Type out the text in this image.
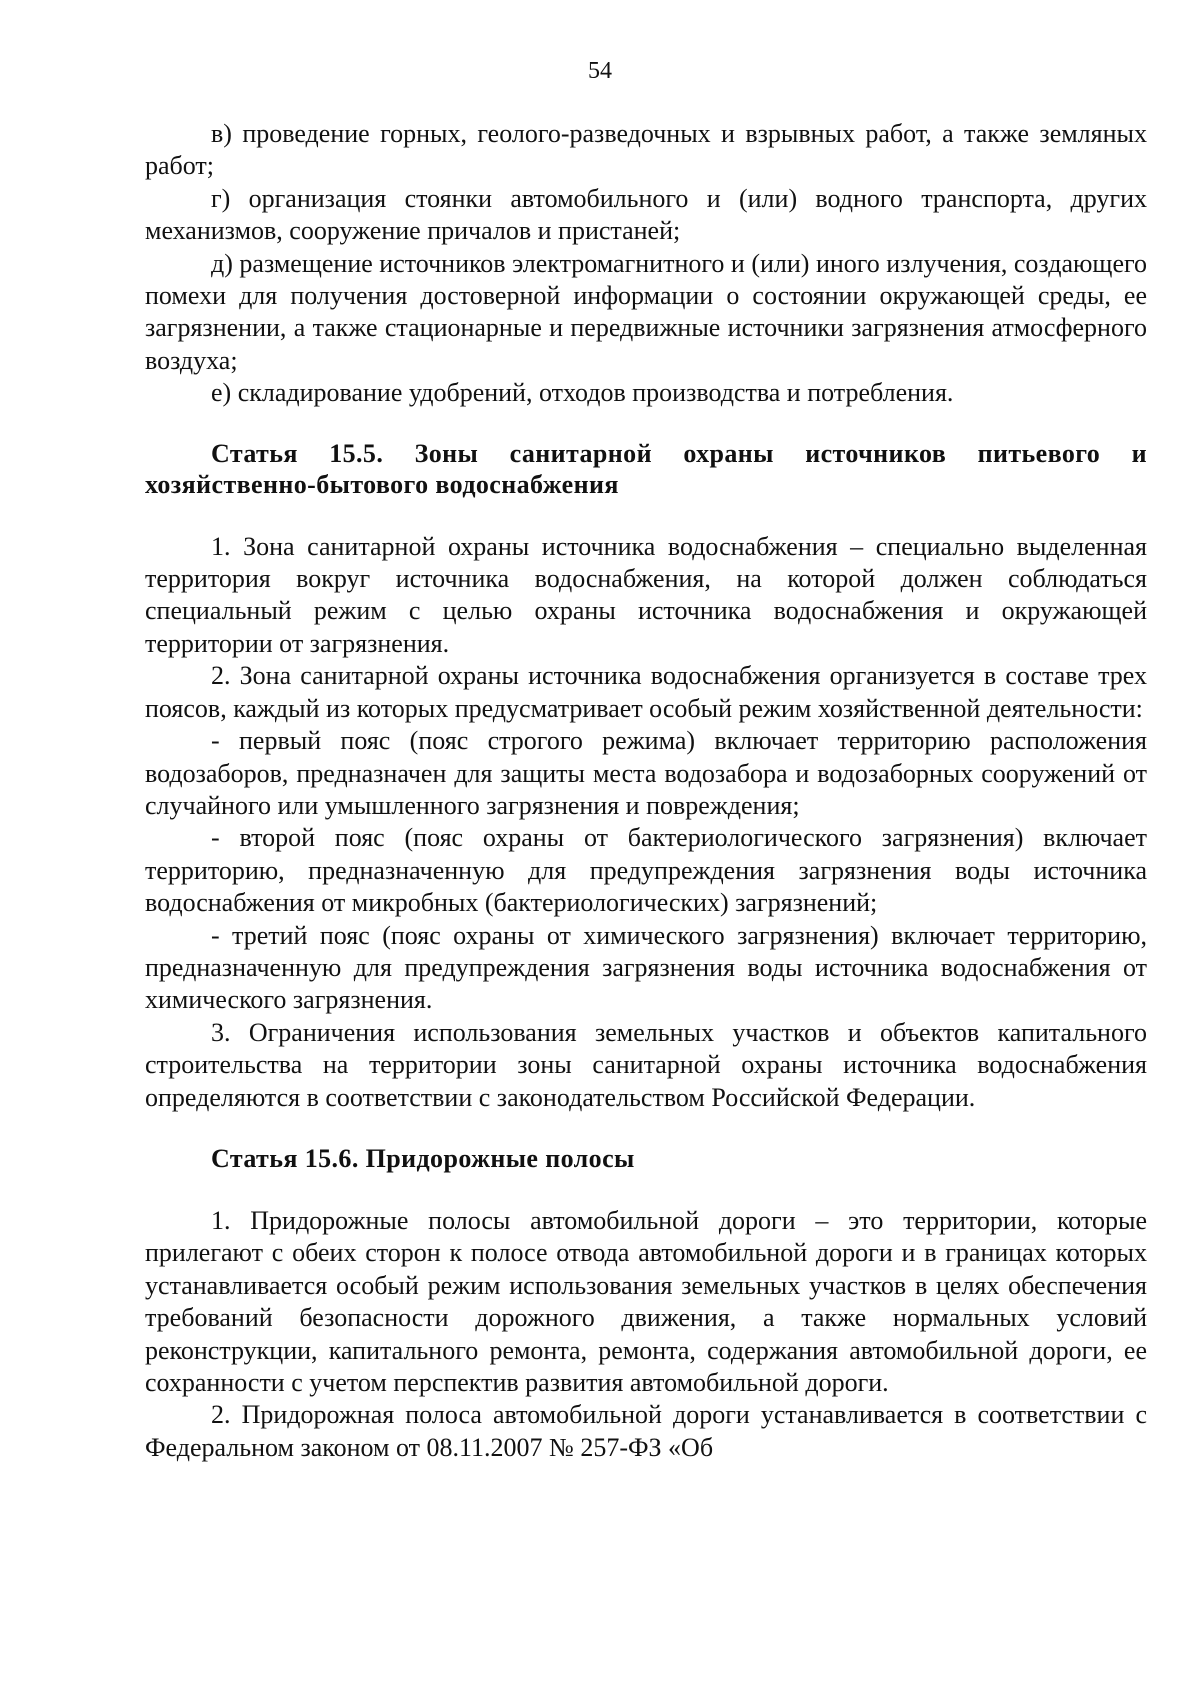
54

в) проведение горных, геолого-разведочных и взрывных работ, а также земляных работ;

г) организация стоянки автомобильного и (или) водного транспорта, других механизмов, сооружение причалов и пристаней;

д) размещение источников электромагнитного и (или) иного излучения, создающего помехи для получения достоверной информации о состоянии окружающей среды, ее загрязнении, а также стационарные и передвижные источники загрязнения атмосферного воздуха;

е) складирование удобрений, отходов производства и потребления.

Статья 15.5. Зоны санитарной охраны источников питьевого и хозяйственно-бытового водоснабжения

1. Зона санитарной охраны источника водоснабжения – специально выделенная территория вокруг источника водоснабжения, на которой должен соблюдаться специальный режим с целью охраны источника водоснабжения и окружающей территории от загрязнения.

2. Зона санитарной охраны источника водоснабжения организуется в составе трех поясов, каждый из которых предусматривает особый режим хозяйственной деятельности:

- первый пояс (пояс строгого режима) включает территорию расположения водозаборов, предназначен для защиты места водозабора и водозаборных сооружений от случайного или умышленного загрязнения и повреждения;

- второй пояс (пояс охраны от бактериологического загрязнения) включает территорию, предназначенную для предупреждения загрязнения воды источника водоснабжения от микробных (бактериологических) загрязнений;

- третий пояс (пояс охраны от химического загрязнения) включает территорию, предназначенную для предупреждения загрязнения воды источника водоснабжения от химического загрязнения.

3. Ограничения использования земельных участков и объектов капитального строительства на территории зоны санитарной охраны источника водоснабжения определяются в соответствии с законодательством Российской Федерации.

Статья 15.6. Придорожные полосы

1. Придорожные полосы автомобильной дороги – это территории, которые прилегают с обеих сторон к полосе отвода автомобильной дороги и в границах которых устанавливается особый режим использования земельных участков в целях обеспечения требований безопасности дорожного движения, а также нормальных условий реконструкции, капитального ремонта, ремонта, содержания автомобильной дороги, ее сохранности с учетом перспектив развития автомобильной дороги.

2. Придорожная полоса автомобильной дороги устанавливается в соответствии с Федеральном законом от 08.11.2007 № 257-ФЗ «Об
